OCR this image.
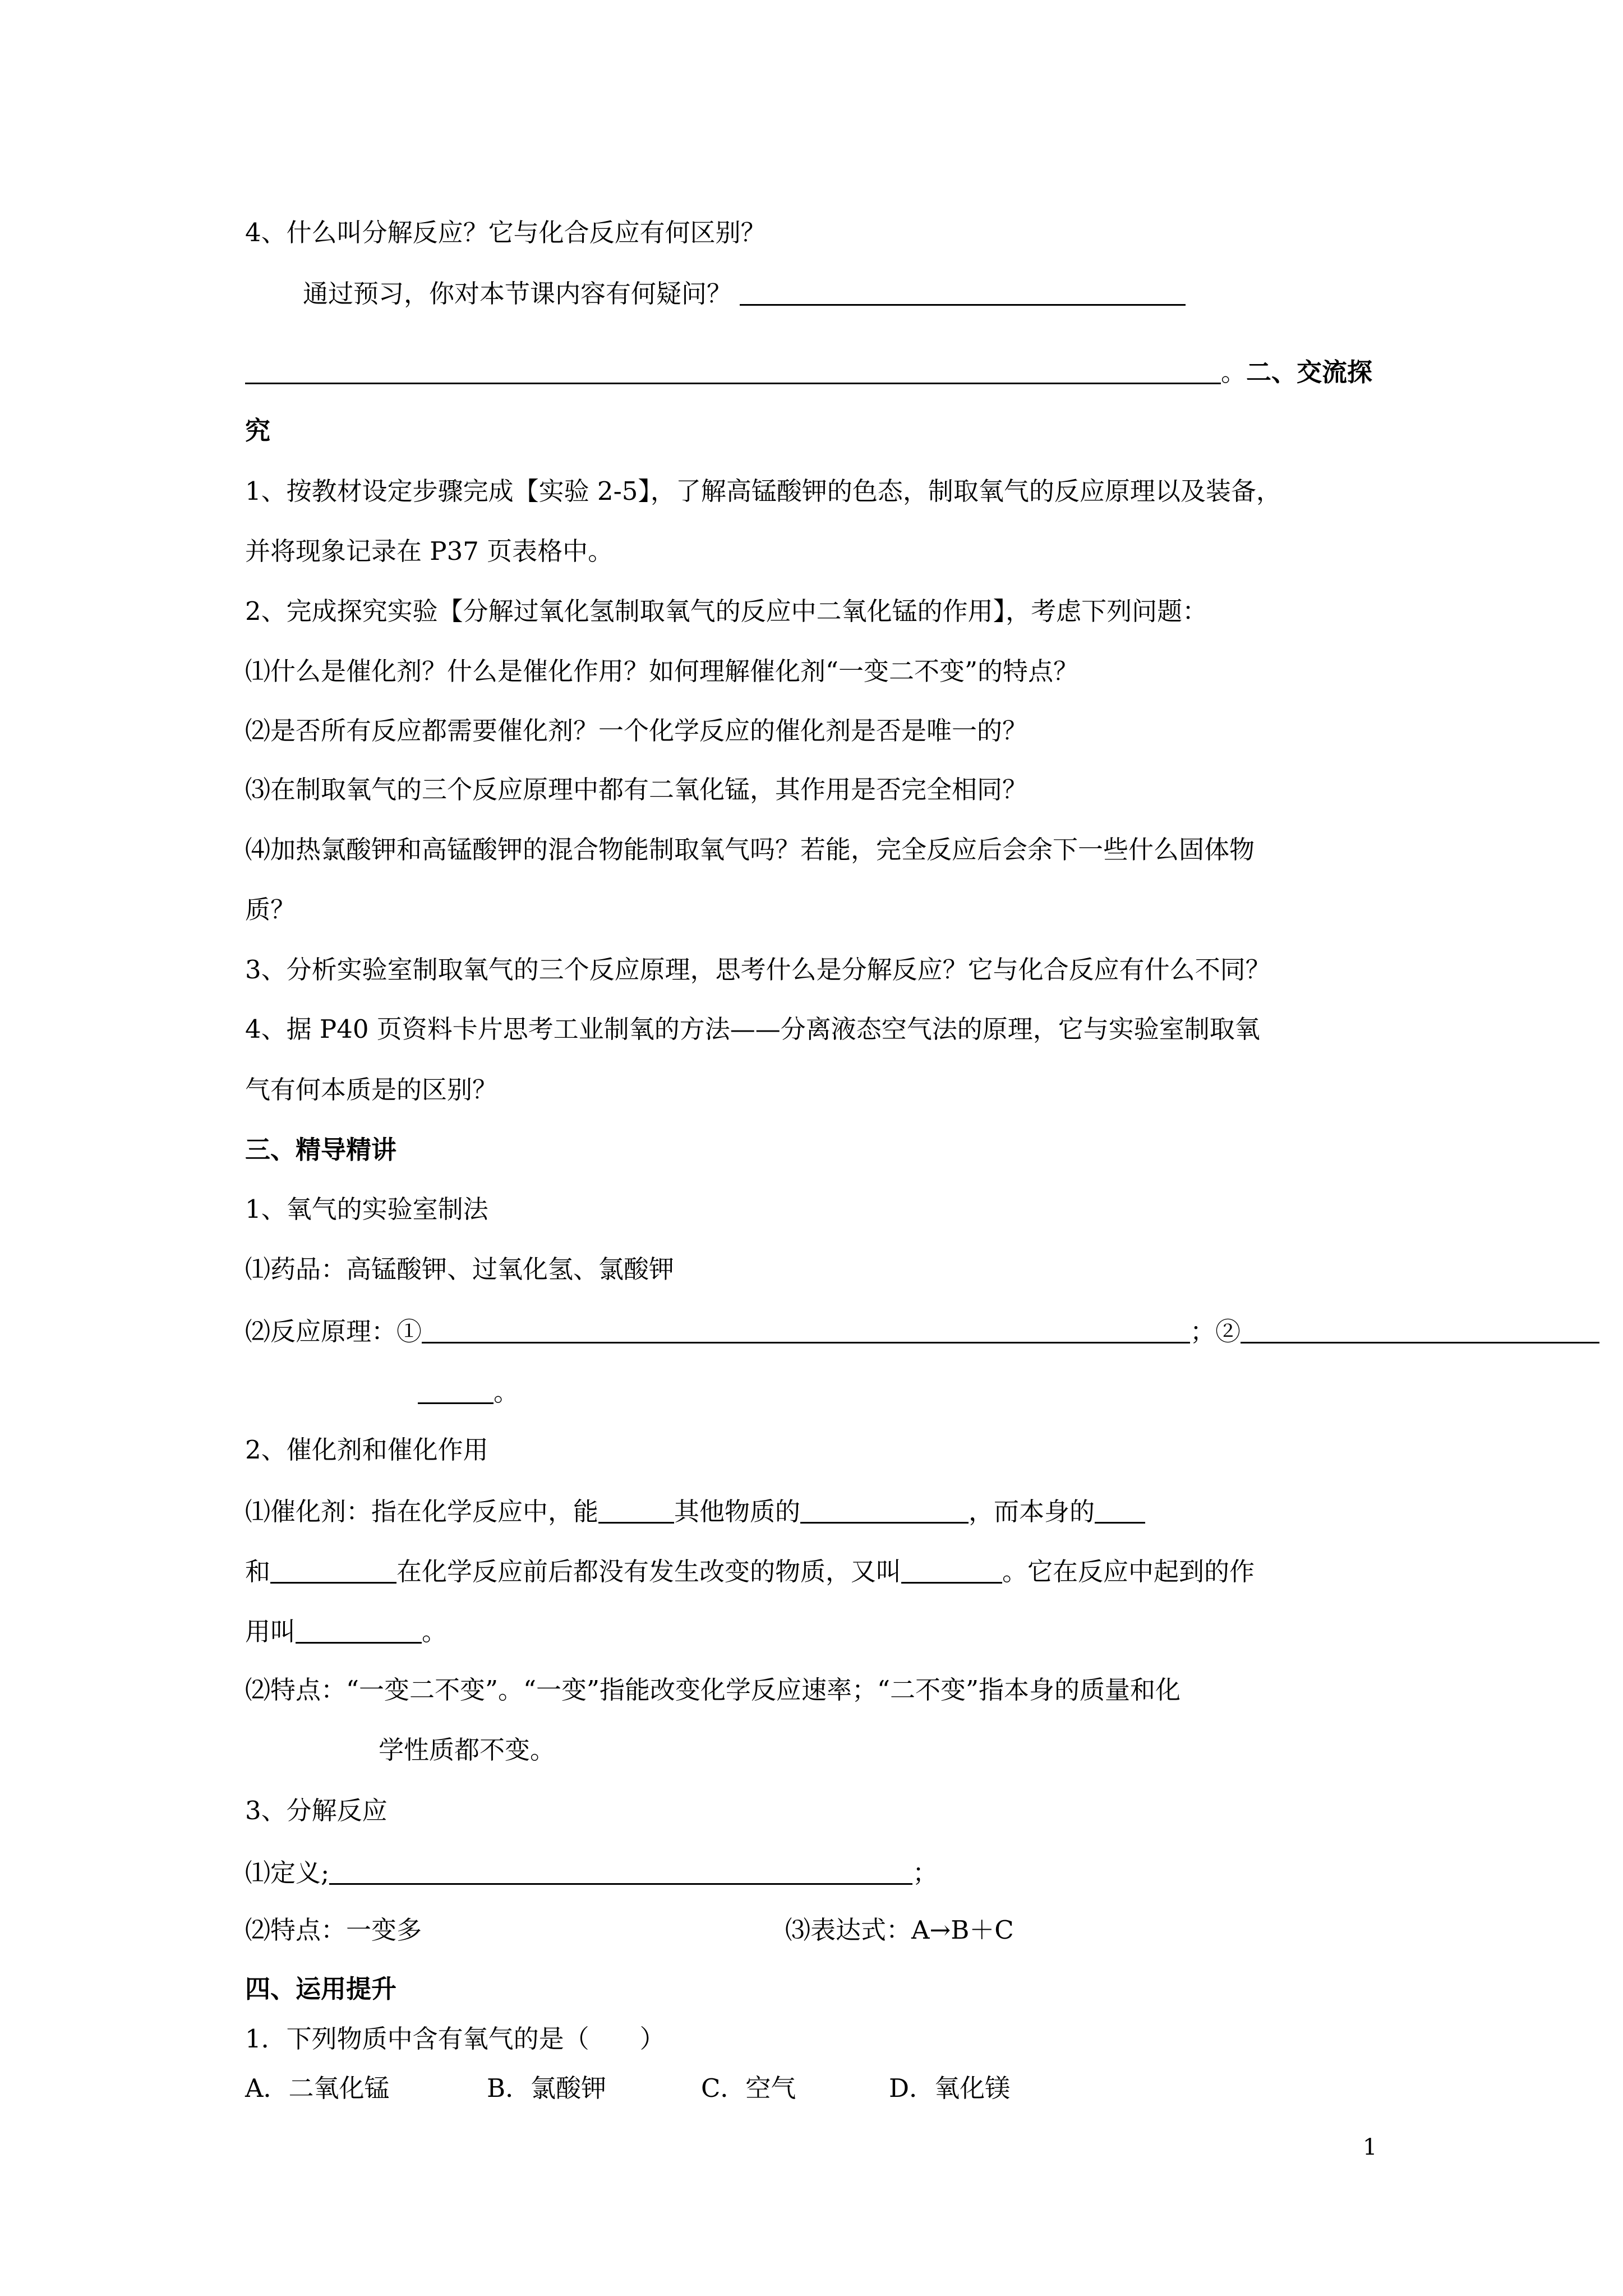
4、什么叫分解反应？它与化合反应有何区别？
通过预习，你对本节课内容有何疑问？
。二、交流探
究
1、按教材设定步骤完成【实验 2-5】，了解高锰酸钾的色态，制取氧气的反应原理以及装备，
并将现象记录在 P37 页表格中。
2、完成探究实验【分解过氧化氢制取氧气的反应中二氧化锰的作用】，考虑下列问题：
⑴什么是催化剂？什么是催化作用？如何理解催化剂“一变二不变”的特点？
⑵是否所有反应都需要催化剂？一个化学反应的催化剂是否是唯一的？
⑶在制取氧气的三个反应原理中都有二氧化锰，其作用是否完全相同？
⑷加热氯酸钾和高锰酸钾的混合物能制取氧气吗？若能，完全反应后会余下一些什么固体物
质？
3、分析实验室制取氧气的三个反应原理，思考什么是分解反应？它与化合反应有什么不同？
4、据 P40 页资料卡片思考工业制氧的方法——分离液态空气法的原理，它与实验室制取氧
气有何本质是的区别？
三、精导精讲
1、氧气的实验室制法
⑴药品：高锰酸钾、过氧化氢、氯酸钾
⑵反应原理：①	；②
。
2、催化剂和催化作用
⑴催化剂：指在化学反应中，能	其他物质的	，而本身的
和	在化学反应前后都没有发生改变的物质，又叫	。它在反应中起到的作
用叫	。
⑵特点：“一变二不变”。“一变”指能改变化学反应速率；“二不变”指本身的质量和化
学性质都不变。
3、分解反应
⑴定义;	；
⑵特点：一变多	⑶表达式：A→B＋C
四、运用提升
1．下列物质中含有氧气的是（　　）
A．二氧化锰	B．氯酸钾	C．空气	D．氧化镁
1
